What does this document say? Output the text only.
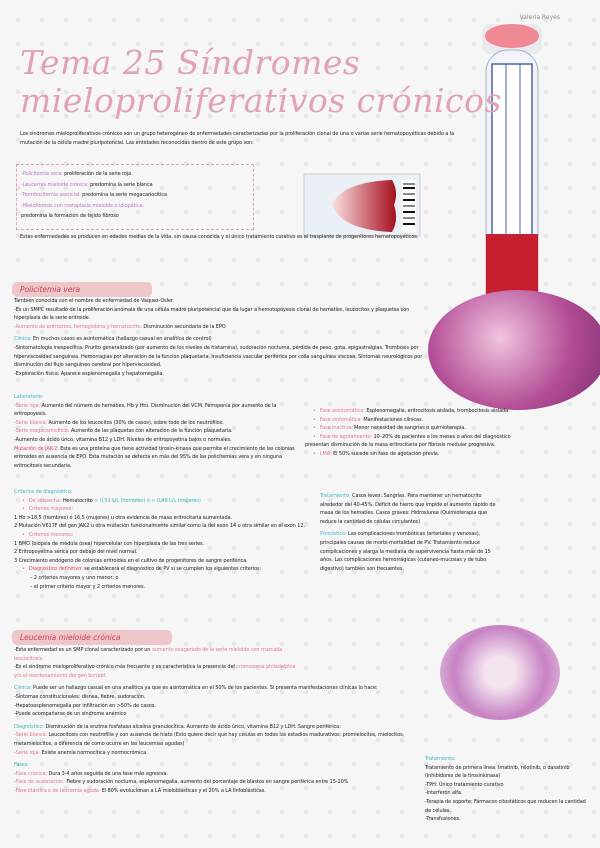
Valeria Reyes
Tema 25 Síndromes
mieloproliferativos crónicos
Los síndromes mieloproliferativos crónicos son un grupo heterogéneo de enfermedades caracterizadas por la proliferación clonal de una o varias serie hematopoyéticas debido a la mutación de la célula madre pluripotencial. Las entidades reconocidas dentro de este grupo son:
-Policitemia vera: proliferación de la serie roja
-Leucemia mieloide crónica: predomina la serie blanca
-Trombocitemia esencial: predomina la serie megacariocítica
-Mielofibrosis con metaplasia mieloide o idiopática:
predomina la formación de tejido fibroso
Estas enfermedades se producen en edades medias de la vida, sin causa conocida y el único tratamiento curativo es el trasplante de progenitores hematopoyéticos.
Policitemia vera
También conocida con el nombre de enfermedad de Vaquez-Osler.
-Es un SMPC resultado de la proliferación anómala de una célula madre pluripotencial que da lugar a hemotopoyesis clonal de hematíes, leucocitos y plaquetas con hiperplasia de la serie eritroide.
-Aumento de eritrocitos, hemoglobina y hematocrito. Disminución secundaria de la EPO
Clínica: En muchos casos es asintomática (hallazgo casual en analítica de control)
-Sintomatología inespecífica: Prurito generalizado (por aumento de los niveles de histamina), sudoración nocturna, pérdida de peso, gota, epigastralgias. Trombosis por hiperviscosidad sanguínea. Hemorragias por alteración de la función plaquetaria. Insuficiencia vascular periférica por coila sanguínea viscosa. Síntomas neurológicos por disminución del flujo sanguíneo cerebral por hiperviscosidad.
-Exploración física: Aparece esplenomegalia y hepatomegalia.
Laboratorio:
-Serie roja: Aumento del número de hematíes, Hb y Hto. Disminución del VCM. Ferropenia por aumento de la eritropoyesis.
-Serie blanca: Aumento de los leucocitos (30% de casos), sobre todo de los neutrófilos.
-Serie megacariocítica: Aumento de las plaquetas con alteración de la función plaquetaria.
-Aumento de ácido úrico, vitamina B12 y LDH. Niveles de eritropoyetina bajos o normales.
Mutación de JAK-2: Esta es una proteína que tiene actividad tirosin-kinasa que permite el crecimiento de las colonias eritroides en ausencia de EPO. Esta mutación se detecta en más del 95% de las policitemias vera y en ninguna eritrocitosis secundaria.
Criterios de diagnóstico:
• De sospecha: Hematocrito > 0,51 L/L (hombres) ó > 0,48 L/L (mujeres)
• Criterios mayores:
1 Hb >18,5 (hombres) ó 16,5 (mujeres) u otra evidencia de masa eritrocitaria aumentada.
2 Mutación V617F del gen JAK2 u otra mutación funcionalmente similar como la del exón 14 u otra similar en el exón 12.
• Criterios menores:
1 BMO (biopsia de médula ósea) hipercelular con hiperplasia de las tres series.
2 Eritropoyetina sérica por debajo del nivel normal.
3 Crecimiento endógeno de colonias eritroides en el cultivo de progenitores de sangre periférica.
• Diagnóstico definitivo: se establecerá el diagnóstico de PV si se cumplen los siguientes criterios:
– 2 criterios mayores y uno menor, o
– el primer criterio mayor y 2 criterios menores.
• Fase asintomática: Esplenomegalia, eritrocitosis aislada, trombocitosis aislada.
• Fase sintomática: Manifestaciones clínicas.
• Fase inactiva: Menor necesidad de sangrías o quimioterapia.
• Fase de agotamiento: 10–20% de pacientes a los meses o años del diagnóstico presentan disminución de la masa eritrocitaria por fibrosis medular progresiva.
• LMA: El 50% sucede sin fase de agotación previa.
Tratamiento: Casos leves: Sangrías. Para mantener un hematocrito alrededor del 40-45%. Déficit de hierro que impide el aumento rápido de masa de los hematíes. Casos graves: Hidroxiurea (Quimioterapia que reduce la cantidad de células circulantes)
Pronóstico: Las complicaciones trombóticas (arteriales y venosas), principales causas de morbi-mortalidad de PV. Tratamiento reduce complicaciones y alarga la mediana de supervivencia hasta más de 15 años. Las complicaciones hemorrágicas (cutaneo-mucosas y de tubo digestivo) también son frecuentes.
Leucemia mieloide crónica
-Esta enfermedad es un SMP clonal caracterizado por un aumento exagerado de la serie mieloide con marcada leucocitosis.
-Es el síndrome mieloproliferativo crónico más frecuente y es característica la presencia del cromosoma philadelphia y/o el reordenamiento del gen bcr/abl.
Clínica: Puede ser un hallazgo casual en una analítica ya que es asintomática en el 50% de los pacientes. Si presenta manifestaciones clínicas lo hace:
-Síntomas constitucionales: disnea, fiebre, sudoración.
-Hepatoesplenomegalia por infiltración en >50% de casos.
-Puede acompañarse de un síndrome anémico
Diagnóstico: Disminución de la enzima fosfatasa alcalina granulocítica. Aumento de ácido úrico, vitamina B12 y LDH. Sangre periférica:
-Serie blanca: Leucocitosis con neutrofilia y con ausencia de hiato (Esto quiere decir que hay células en todos los estadios madurativos: promielocitos, mielocitos, metamielocitos, a diferencia de como ocurre en las leucemias agudas)
-Serie roja: Existe anemia normocítica y normocrómica.
Fases:
-Fase crónica: Dura 3-4 años seguida de una fase más agresiva.
-Fase de aceleración: Fiebre y sudoración nocturna, esplenomegalia, aumento del porcentaje de blastos en sangre periférica entre 15-20%
-Fase blástica o de leucemia aguda: El 80% evolucionan a LA mieloblásticas y el 20% a LA linfoblásticas.
Tratamiento:
Tratamiento de primera línea: Imatinib, nilotinib, o dasatinib (inhibidores de la tirosinkinasa)
-TPH: Único tratamiento curativo
-Interferón alfa.
-Terapia de soporte: Fármacos citostáticos que reducen la cantidad de células.
-Transfusiones.
